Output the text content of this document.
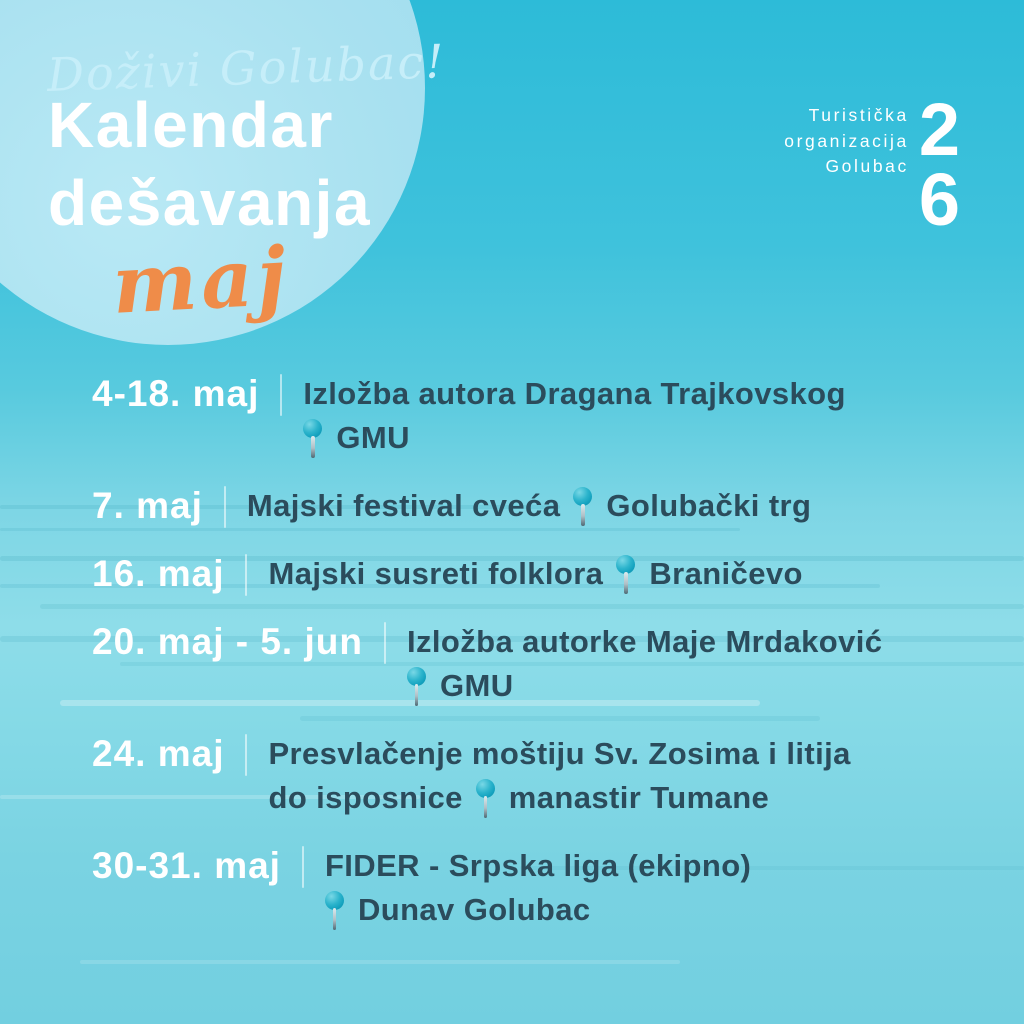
Doživi Golubac!
Kalendar
dešavanja
maj
Turistička
organizacija
Golubac 2
6
4-18. maj Izložba autora Dragana Trajkovskog
GMU
7. maj Majski festival cveća Golubački trg
16. maj Majski susreti folklora Braničevo
20. maj - 5. jun Izložba autorke Maje Mrdaković
GMU
24. maj Presvlačenje moštiju Sv. Zosima i litija
do isposnice manastir Tumane
30-31. maj FIDER - Srpska liga (ekipno)
Dunav Golubac
